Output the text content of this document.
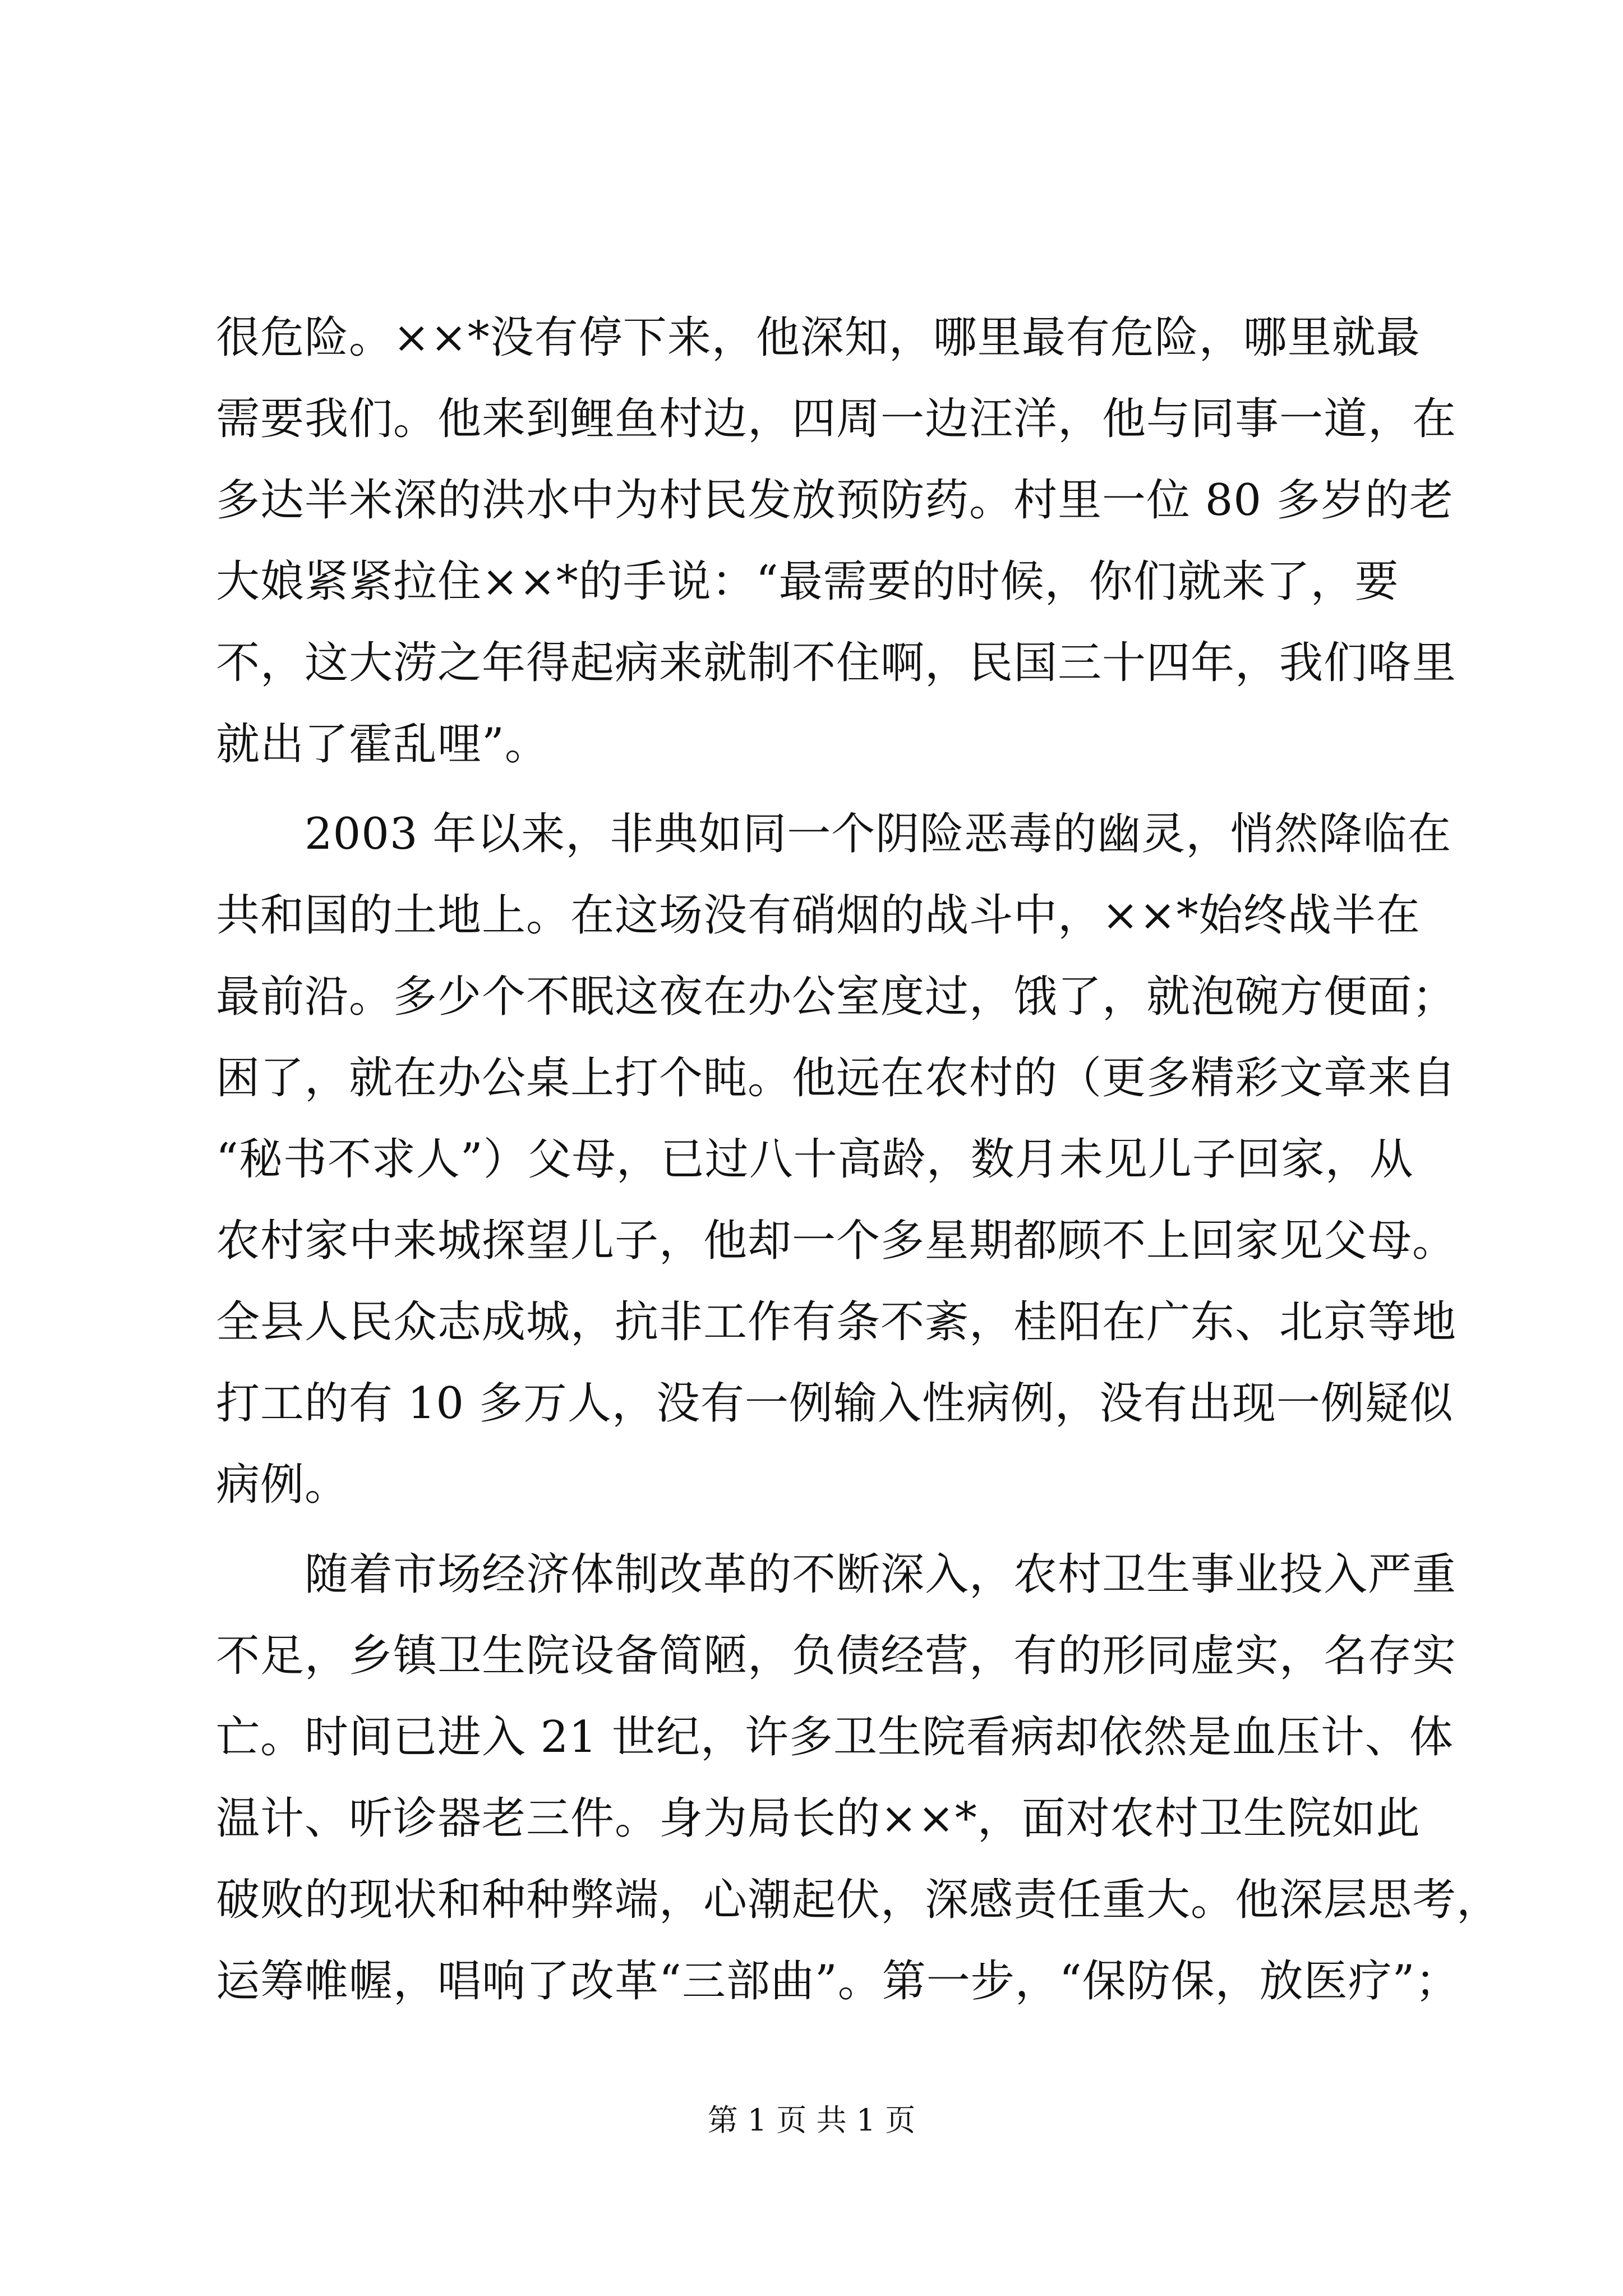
很危险。××*没有停下来，他深知，哪里最有危险，哪里就最
需要我们。他来到鲤鱼村边，四周一边汪洋，他与同事一道，在
多达半米深的洪水中为村民发放预防药。村里一位 80 多岁的老
大娘紧紧拉住××*的手说：“最需要的时候，你们就来了，要
不，这大涝之年得起病来就制不住啊，民国三十四年，我们咯里
就出了霍乱哩”。
　　2003 年以来，非典如同一个阴险恶毒的幽灵，悄然降临在
共和国的土地上。在这场没有硝烟的战斗中，××*始终战半在
最前沿。多少个不眠这夜在办公室度过，饿了，就泡碗方便面；
困了，就在办公桌上打个盹。他远在农村的（更多精彩文章来自
“秘书不求人”）父母，已过八十高龄，数月未见儿子回家，从
农村家中来城探望儿子，他却一个多星期都顾不上回家见父母。
全县人民众志成城，抗非工作有条不紊，桂阳在广东、北京等地
打工的有 10 多万人，没有一例输入性病例，没有出现一例疑似
病例。
　　随着市场经济体制改革的不断深入，农村卫生事业投入严重
不足，乡镇卫生院设备简陋，负债经营，有的形同虚实，名存实
亡。时间已进入 21 世纪，许多卫生院看病却依然是血压计、体
温计、听诊器老三件。身为局长的××*，面对农村卫生院如此
破败的现状和种种弊端，心潮起伏，深感责任重大。他深层思考，
运筹帷幄，唱响了改革“三部曲”。第一步，“保防保，放医疗”；
第 1 页 共 1 页
